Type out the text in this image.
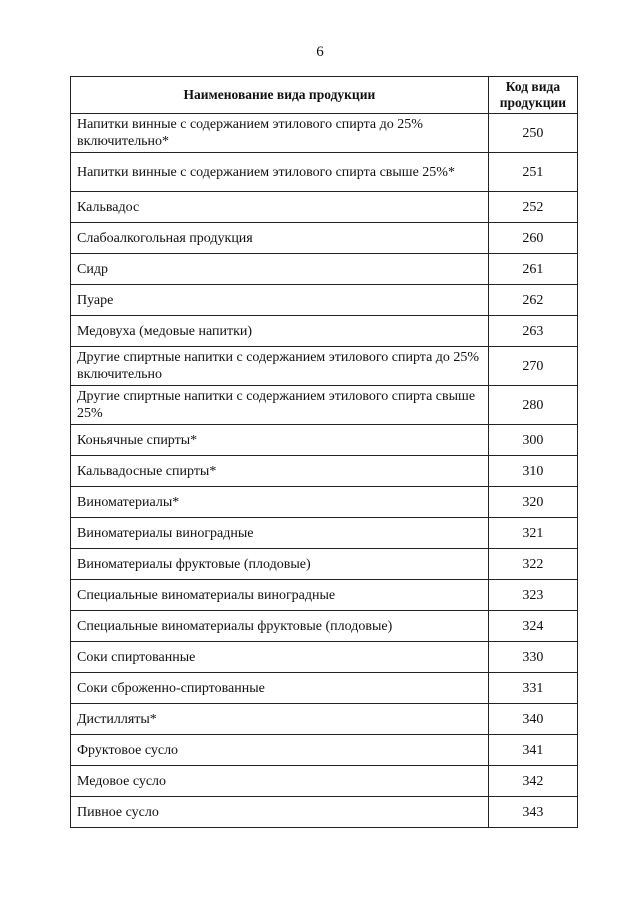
6
Наименование вида продукции	Код вида продукции
Напитки винные с содержанием этилового спирта до 25% включительно*	250
Напитки винные с содержанием этилового спирта свыше 25%*	251
Кальвадос	252
Слабоалкогольная продукция	260
Сидр	261
Пуаре	262
Медовуха (медовые напитки)	263
Другие спиртные напитки с содержанием этилового спирта до 25% включительно	270
Другие спиртные напитки с содержанием этилового спирта свыше 25%	280
Коньячные спирты*	300
Кальвадосные спирты*	310
Виноматериалы*	320
Виноматериалы виноградные	321
Виноматериалы фруктовые (плодовые)	322
Специальные виноматериалы виноградные	323
Специальные виноматериалы фруктовые (плодовые)	324
Соки спиртованные	330
Соки сброженно-спиртованные	331
Дистилляты*	340
Фруктовое сусло	341
Медовое сусло	342
Пивное сусло	343
